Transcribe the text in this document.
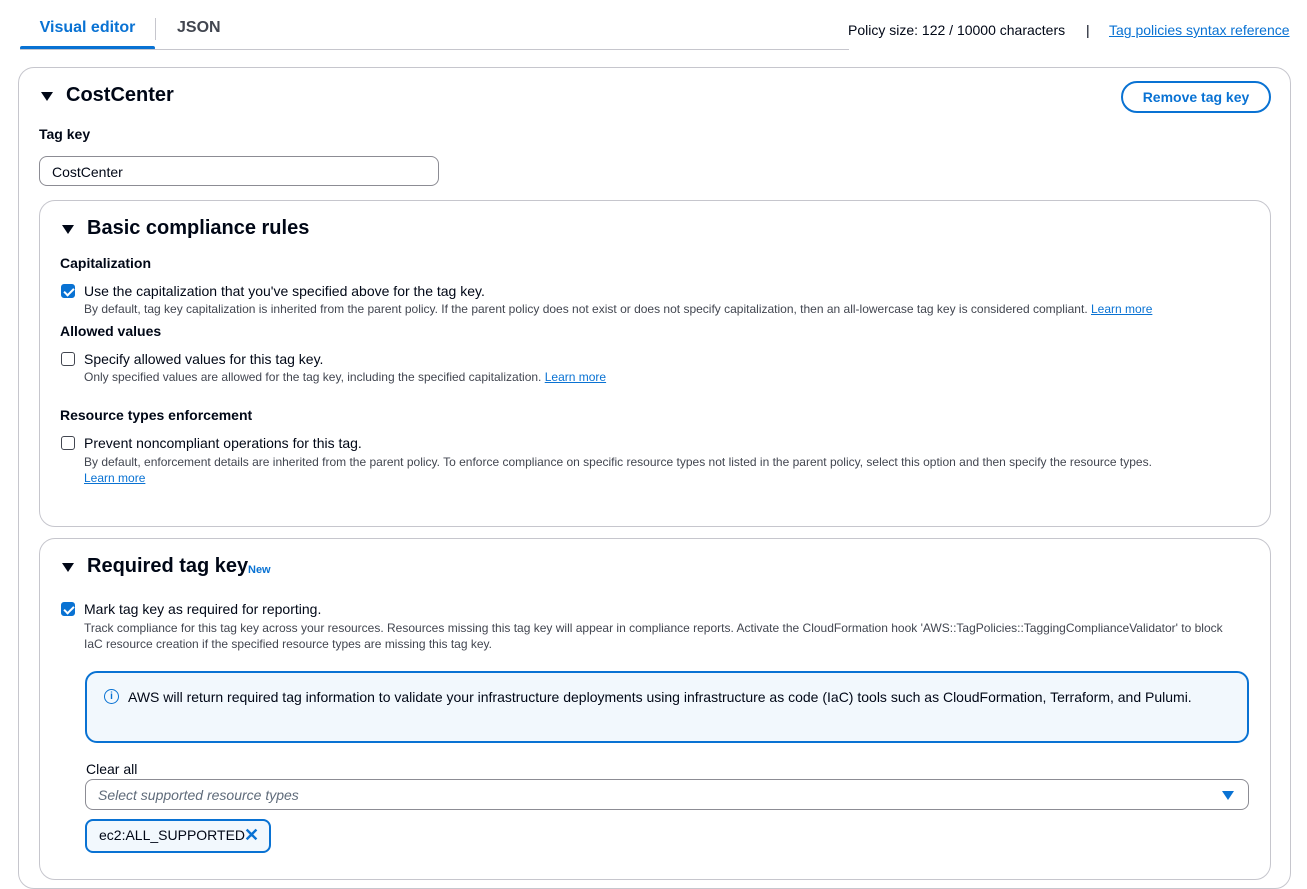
Visual editor	JSON	Policy size: 122 / 10000 characters | Tag policies syntax reference
CostCenter	Remove tag key
Tag key
CostCenter
Basic compliance rules
Capitalization
Use the capitalization that you've specified above for the tag key.
By default, tag key capitalization is inherited from the parent policy. If the parent policy does not exist or does not specify capitalization, then an all-lowercase tag key is considered compliant. Learn more
Allowed values
Specify allowed values for this tag key.
Only specified values are allowed for the tag key, including the specified capitalization. Learn more
Resource types enforcement
Prevent noncompliant operations for this tag.
By default, enforcement details are inherited from the parent policy. To enforce compliance on specific resource types not listed in the parent policy, select this option and then specify the resource types.
Learn more
Required tag key New
Mark tag key as required for reporting.
Track compliance for this tag key across your resources. Resources missing this tag key will appear in compliance reports. Activate the CloudFormation hook 'AWS::TagPolicies::TaggingComplianceValidator' to block IaC resource creation if the specified resource types are missing this tag key.
i	AWS will return required tag information to validate your infrastructure deployments using infrastructure as code (IaC) tools such as CloudFormation, Terraform, and Pulumi.
Clear all
Select supported resource types
ec2:ALL_SUPPORTED
✕
